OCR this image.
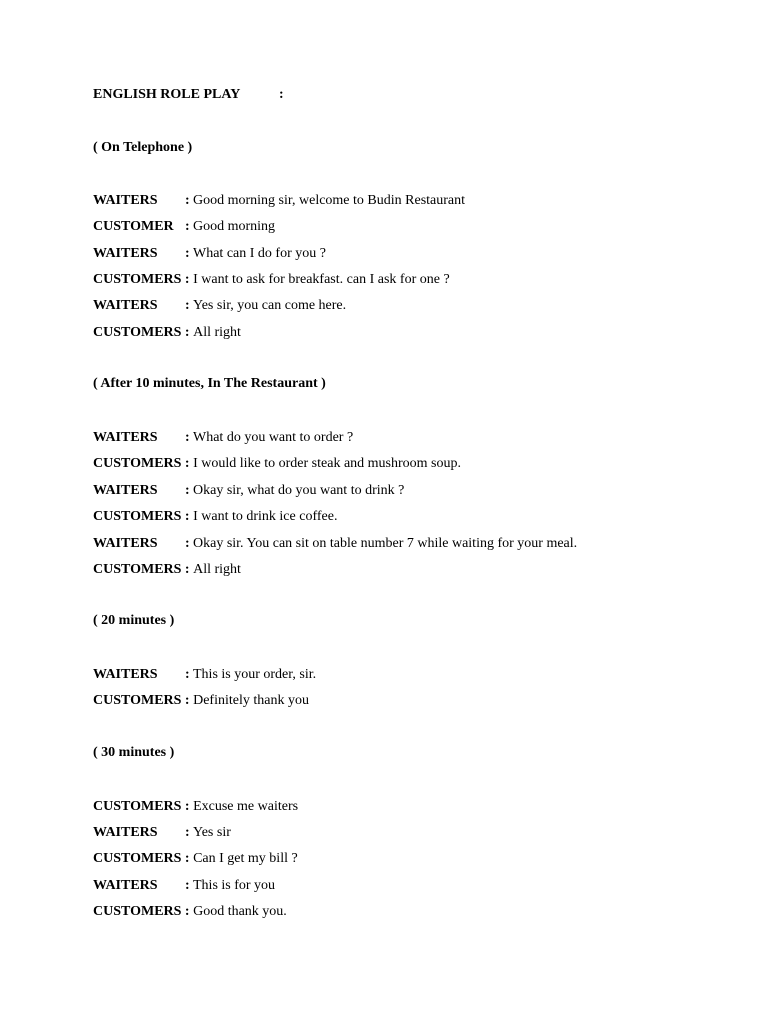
ENGLISH ROLE PLAY	:
( On Telephone )
WAITERS : Good morning sir, welcome to Budin Restaurant
CUSTOMER : Good morning
WAITERS : What can I do for you ?
CUSTOMERS : I want to ask for breakfast. can I ask for one ?
WAITERS : Yes sir, you can come here.
CUSTOMERS : All right
( After 10 minutes, In The Restaurant )
WAITERS : What do you want to order ?
CUSTOMERS : I would like to order steak and mushroom soup.
WAITERS : Okay sir, what do you want to drink ?
CUSTOMERS : I want to drink ice coffee.
WAITERS : Okay sir. You can sit on table number 7 while waiting for your meal.
CUSTOMERS : All right
( 20 minutes )
WAITERS : This is your order, sir.
CUSTOMERS : Definitely thank you
( 30 minutes )
CUSTOMERS : Excuse me waiters
WAITERS : Yes sir
CUSTOMERS : Can I get my bill ?
WAITERS : This is for you
CUSTOMERS : Good thank you.
